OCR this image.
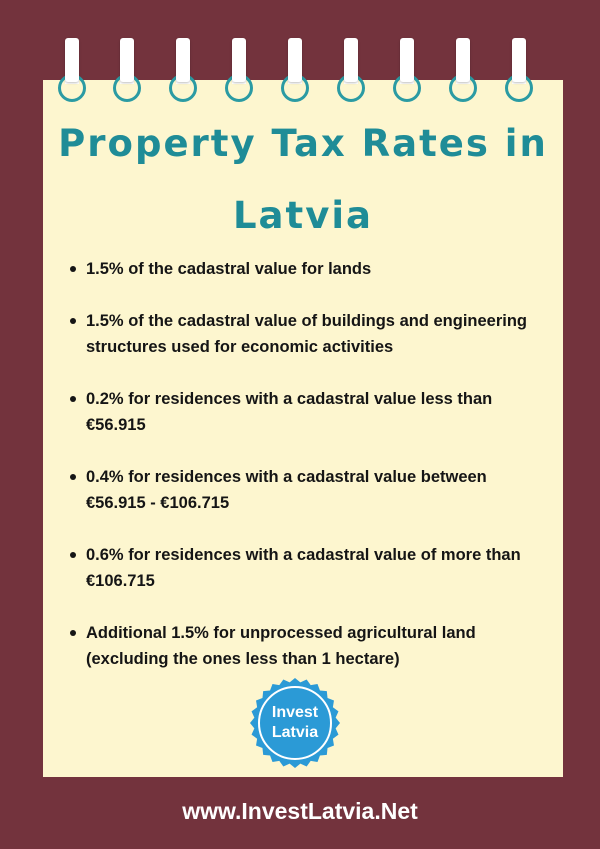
Property Tax Rates in
Latvia
1.5% of the cadastral value for lands
1.5% of the cadastral value of buildings and engineering structures used for economic activities
0.2% for residences with a cadastral value less than €56.915
0.4% for residences with a cadastral value between €56.915 - €106.715
0.6% for residences with a cadastral value of more than €106.715
Additional 1.5% for unprocessed agricultural land (excluding the ones less than 1 hectare)
Invest
Latvia
www.InvestLatvia.Net
